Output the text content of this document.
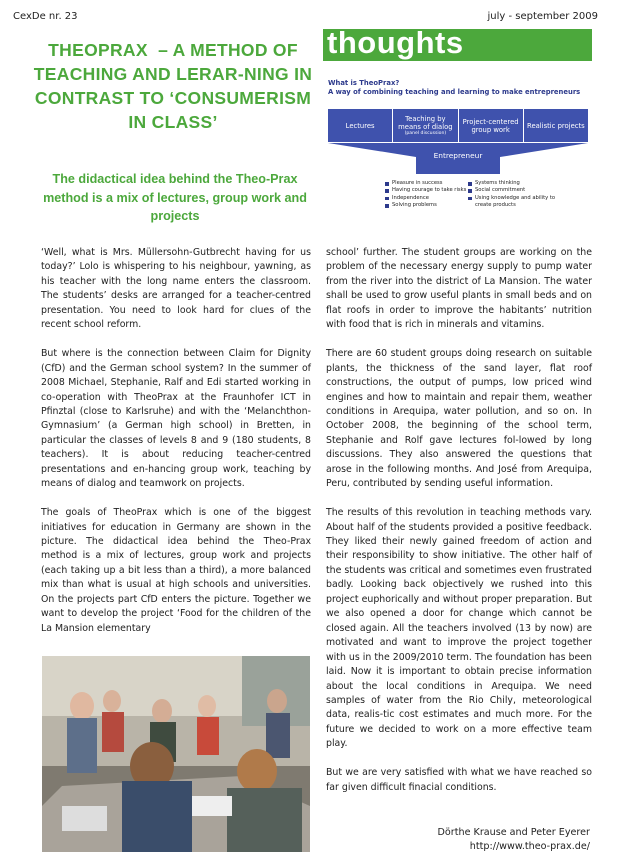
CexDe nr. 23	july - september 2009
THEOPRAX  – A METHOD OF TEACHING AND LERAR-NING IN CONTRAST TO ‘CONSUMERISM IN CLASS’
The didactical idea behind the Theo-Prax method is a mix of lectures, group work and projects
thoughts
What is TheoPrax?
A way of combining teaching and learning to make entrepreneurs
Lectures
Teaching by means of dialog
(panel discussion)
Project-centered group work	Realistic projects
Entrepreneur
Pleasure in success
Having courage to take risks
Independence
Solving problems
Systems thinking
Social commitment
Using knowledge and ability to create products

‘Well, what is Mrs. Müllersohn-Gutbrecht having for us today?’ Lolo is whispering to his neighbour, yawning, as his teacher with the long name enters the classroom. The students’ desks are arranged for a teacher-centred presentation. You need to look hard for clues of the recent school reform.

But where is the connection between Claim for Dignity (CfD) and the German school system? In the summer of 2008 Michael, Stephanie, Ralf and Edi started working in co-operation with TheoPrax at the Fraunhofer ICT in Pfinztal (close to Karlsruhe) and with the ‘Melanchthon-Gymnasium’ (a German high school) in Bretten, in particular the classes of levels 8 and 9 (180 students, 8 teachers). It is about reducing teacher-centred presentations and en-hancing group work, teaching by means of dialog and teamwork on projects.

The goals of TheoPrax which is one of the biggest initiatives for education in Germany are shown in the picture. The didactical idea behind the Theo-Prax method is a mix of lectures, group work and projects (each taking up a bit less than a third), a more balanced mix than what is usual at high schools and universities. On the projects part CfD enters the picture. Together we want to develop the project ‘Food for the children of the La Mansion elementary

school’ further. The student groups are working on the problem of the necessary energy supply to pump water from the river into the district of La Mansion. The water shall be used to grow useful plants in small beds and on flat roofs in order to improve the habitants’ nutrition with food that is rich in minerals and vitamins.

There are 60 student groups doing research on suitable plants, the thickness of the sand layer, flat roof constructions, the output of pumps, low priced wind engines and how to maintain and repair them, weather conditions in Arequipa, water pollution, and so on. In October 2008, the beginning of the school term, Stephanie and Rolf gave lectures fol-lowed by long discussions. They also answered the questions that arose in the following months. And José from Arequipa, Peru, contributed by sending useful information.

The results of this revolution in teaching methods vary. About half of the students provided a positive feedback. They liked their newly gained freedom of action and their responsibility to show initiative. The other half of the students was critical and sometimes even frustrated badly. Looking back objectively we rushed into this project euphorically and without proper preparation. But we also opened a door for change which cannot be closed again. All the teachers involved (13 by now) are motivated and want to improve the project together with us in the 2009/2010 term. The foundation has been laid. Now it is important to obtain precise information about the local conditions in Arequipa. We need samples of water from the Rio Chily, meteorological data, realis-tic cost estimates and much more. For the future we decided to work on a more effective team play.

But we are very satisfied with what we have reached so far given difficult finacial conditions.

Dörthe Krause and Peter Eyerer
http://www.theo-prax.de/
